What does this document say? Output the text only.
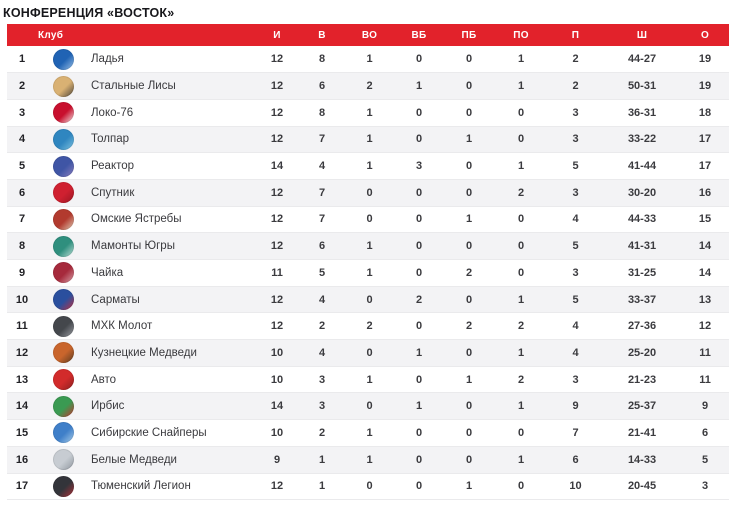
КОНФЕРЕНЦИЯ «ВОСТОК»
Клуб			И	В	ВО	ВБ	ПБ	ПО	П	Ш	О
1		Ладья	12	8	1	0	0	1	2	44-27	19
2		Стальные Лисы	12	6	2	1	0	1	2	50-31	19
3		Локо-76	12	8	1	0	0	0	3	36-31	18
4		Толпар	12	7	1	0	1	0	3	33-22	17
5		Реактор	14	4	1	3	0	1	5	41-44	17
6		Спутник	12	7	0	0	0	2	3	30-20	16
7		Омские Ястребы	12	7	0	0	1	0	4	44-33	15
8		Мамонты Югры	12	6	1	0	0	0	5	41-31	14
9		Чайка	11	5	1	0	2	0	3	31-25	14
10		Сарматы	12	4	0	2	0	1	5	33-37	13
11		МХК Молот	12	2	2	0	2	2	4	27-36	12
12		Кузнецкие Медведи	10	4	0	1	0	1	4	25-20	11
13		Авто	10	3	1	0	1	2	3	21-23	11
14		Ирбис	14	3	0	1	0	1	9	25-37	9
15		Сибирские Снайперы	10	2	1	0	0	0	7	21-41	6
16		Белые Медведи	9	1	1	0	0	1	6	14-33	5
17		Тюменский Легион	12	1	0	0	1	0	10	20-45	3
